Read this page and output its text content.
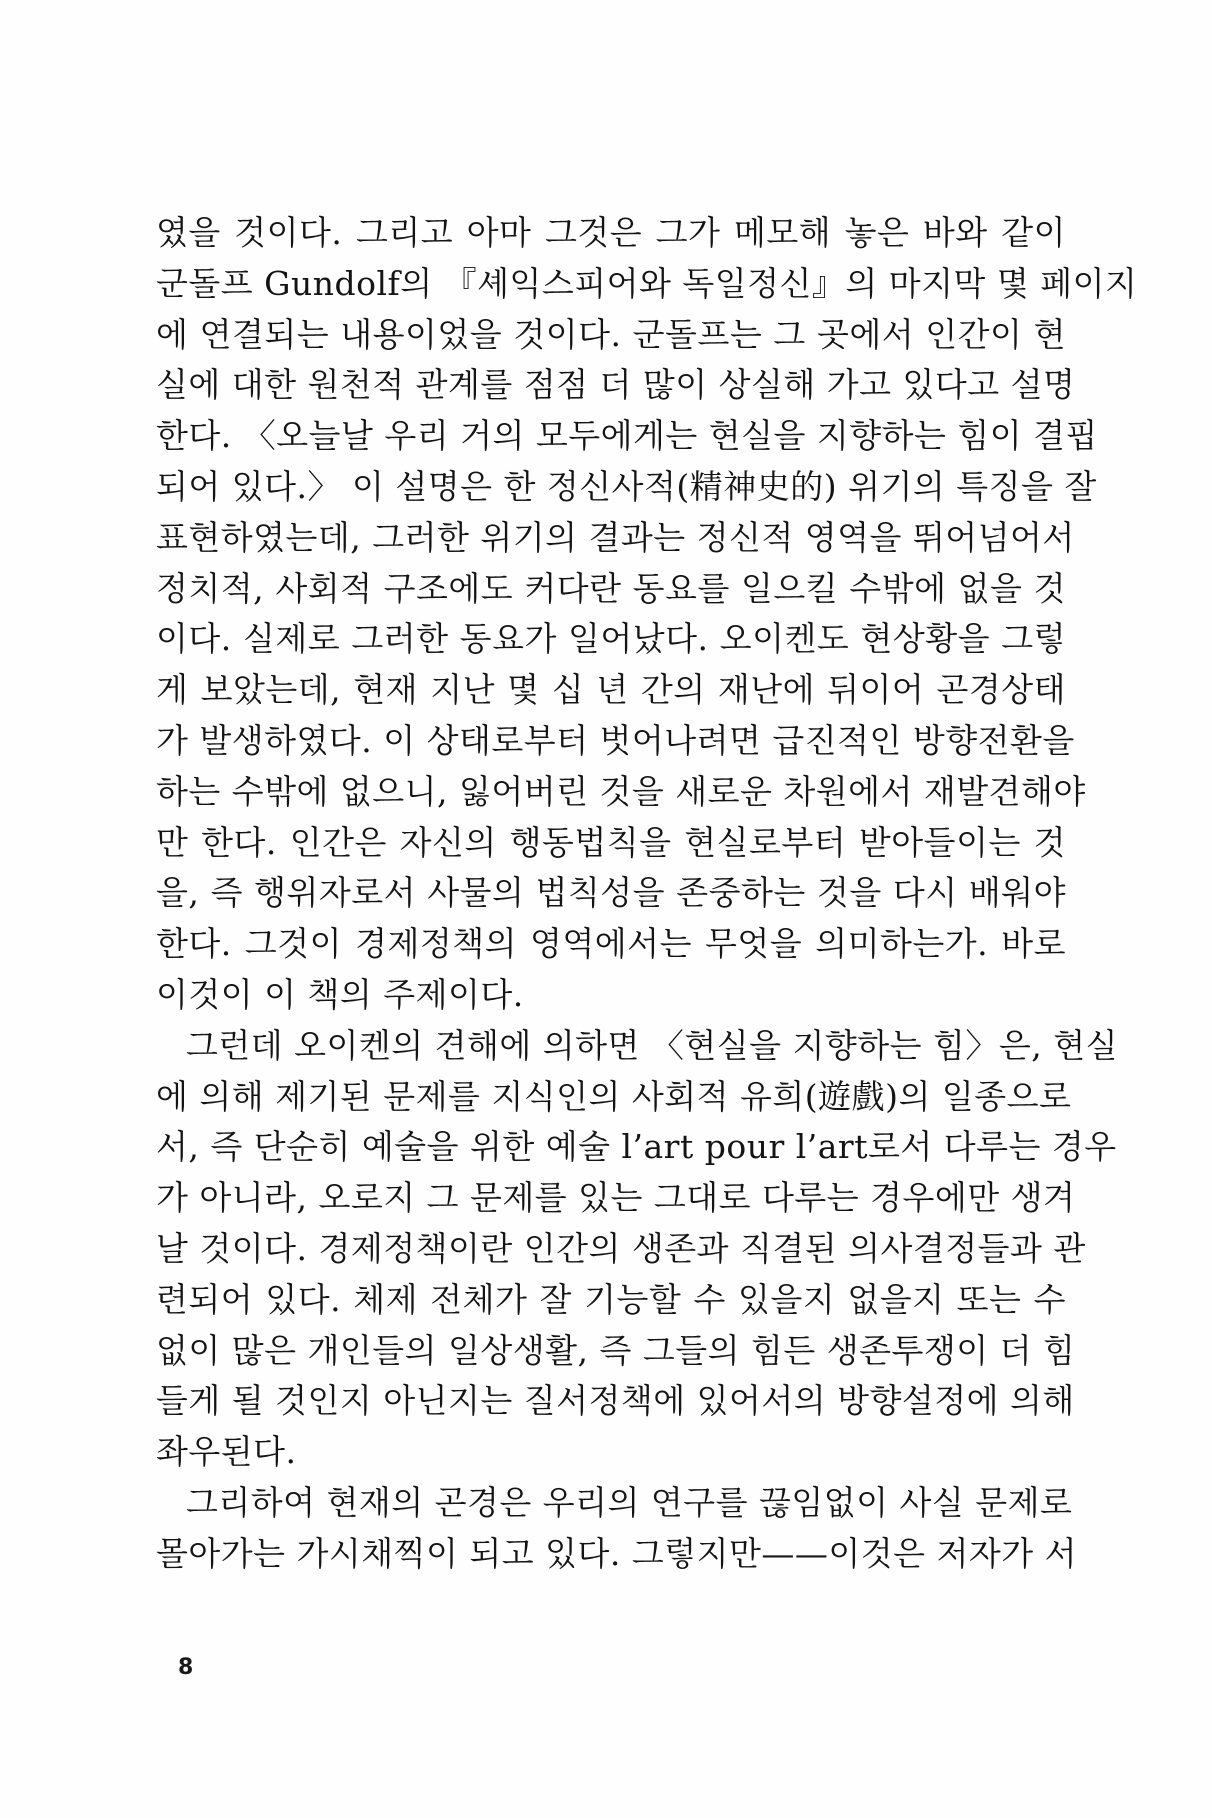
였을 것이다. 그리고 아마 그것은 그가 메모해 놓은 바와 같이
군돌프 Gundolf의 『셰익스피어와 독일정신』의 마지막 몇 페이지
에 연결되는 내용이었을 것이다. 군돌프는 그 곳에서 인간이 현
실에 대한 원천적 관계를 점점 더 많이 상실해 가고 있다고 설명
한다. 〈오늘날 우리 거의 모두에게는 현실을 지향하는 힘이 결핍
되어 있다.〉 이 설명은 한 정신사적(精神史的) 위기의 특징을 잘
표현하였는데, 그러한 위기의 결과는 정신적 영역을 뛰어넘어서
정치적, 사회적 구조에도 커다란 동요를 일으킬 수밖에 없을 것
이다. 실제로 그러한 동요가 일어났다. 오이켄도 현상황을 그렇
게 보았는데, 현재 지난 몇 십 년 간의 재난에 뒤이어 곤경상태
가 발생하였다. 이 상태로부터 벗어나려면 급진적인 방향전환을
하는 수밖에 없으니, 잃어버린 것을 새로운 차원에서 재발견해야
만 한다. 인간은 자신의 행동법칙을 현실로부터 받아들이는 것
을, 즉 행위자로서 사물의 법칙성을 존중하는 것을 다시 배워야
한다. 그것이 경제정책의 영역에서는 무엇을 의미하는가. 바로
이것이 이 책의 주제이다.
그런데 오이켄의 견해에 의하면 〈현실을 지향하는 힘〉은, 현실
에 의해 제기된 문제를 지식인의 사회적 유희(遊戲)의 일종으로
서, 즉 단순히 예술을 위한 예술 l’art pour l’art로서 다루는 경우
가 아니라, 오로지 그 문제를 있는 그대로 다루는 경우에만 생겨
날 것이다. 경제정책이란 인간의 생존과 직결된 의사결정들과 관
련되어 있다. 체제 전체가 잘 기능할 수 있을지 없을지 또는 수
없이 많은 개인들의 일상생활, 즉 그들의 힘든 생존투쟁이 더 힘
들게 될 것인지 아닌지는 질서정책에 있어서의 방향설정에 의해
좌우된다.
그리하여 현재의 곤경은 우리의 연구를 끊임없이 사실 문제로
몰아가는 가시채찍이 되고 있다. 그렇지만——이것은 저자가 서
8
